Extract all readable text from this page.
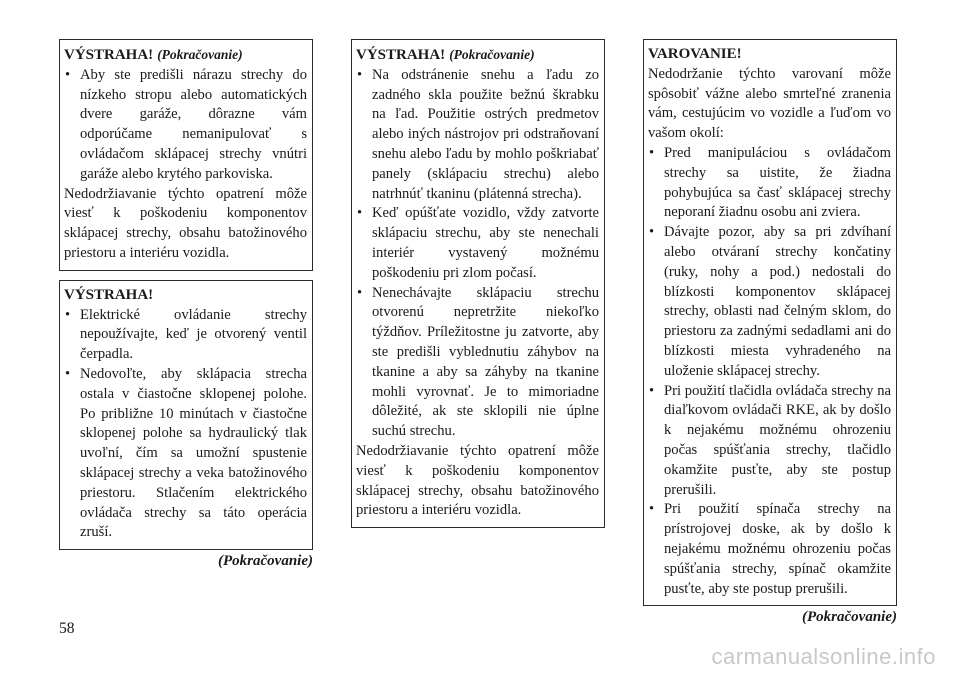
VÝSTRAHA! (Pokračovanie)
• Aby ste predišli nárazu strechy do nízkeho stropu alebo automatických dvere garáže, dôrazne vám odporúčame nemanipulovať s ovládačom sklápacej strechy vnútri garáže alebo krytého parkoviska.

Nedodržiavanie týchto opatrení môže viesť k poškodeniu komponentov sklápacej strechy, obsahu batožinového priestoru a interiéru vozidla.

VÝSTRAHA!
• Elektrické ovládanie strechy nepoužívajte, keď je otvorený ventil čerpadla.
• Nedovoľte, aby sklápacia strecha ostala v čiastočne sklopenej polohe. Po približne 10 minútach v čiastočne sklopenej polohe sa hydraulický tlak uvoľní, čím sa umožní spustenie sklápacej strechy a veka batožinového priestoru. Stlačením elektrického ovládača strechy sa táto operácia zruší.
(Pokračovanie)
VÝSTRAHA! (Pokračovanie)
• Na odstránenie snehu a ľadu zo zadného skla použite bežnú škrabku na ľad. Použitie ostrých predmetov alebo iných nástrojov pri odstraňovaní snehu alebo ľadu by mohlo poškriabať panely (sklápaciu strechu) alebo natrhnúť tkaninu (plátenná strecha).
• Keď opúšťate vozidlo, vždy zatvorte sklápaciu strechu, aby ste nenechali interiér vystavený možnému poškodeniu pri zlom počasí.
• Nenechávajte sklápaciu strechu otvorenú nepretržite niekoľko týždňov. Príležitostne ju zatvorte, aby ste predišli vyblednutiu záhybov na tkanine a aby sa záhyby na tkanine mohli vyrovnať. Je to mimoriadne dôležité, ak ste sklopili nie úplne suchú strechu.

Nedodržiavanie týchto opatrení môže viesť k poškodeniu komponentov sklápacej strechy, obsahu batožinového priestoru a interiéru vozidla.

VAROVANIE!

Nedodržanie týchto varovaní môže spôsobiť vážne alebo smrteľné zranenia vám, cestujúcim vo vozidle a ľuďom vo vašom okolí:

• Pred manipuláciou s ovládačom strechy sa uistite, že žiadna pohybujúca sa časť sklápacej strechy neporaní žiadnu osobu ani zviera.
• Dávajte pozor, aby sa pri zdvíhaní alebo otváraní strechy končatiny (ruky, nohy a pod.) nedostali do blízkosti komponentov sklápacej strechy, oblasti nad čelným sklom, do priestoru za zadnými sedadlami ani do blízkosti miesta vyhradeného na uloženie sklápacej strechy.
• Pri použití tlačidla ovládača strechy na diaľkovom ovládači RKE, ak by došlo k nejakému možnému ohrozeniu počas spúšťania strechy, tlačidlo okamžite pusťte, aby ste postup prerušili.
• Pri použití spínača strechy na prístrojovej doske, ak by došlo k nejakému možnému ohrozeniu počas spúšťania strechy, spínač okamžite pusťte, aby ste postup prerušili.
(Pokračovanie)
58
carmanualsonline.info
